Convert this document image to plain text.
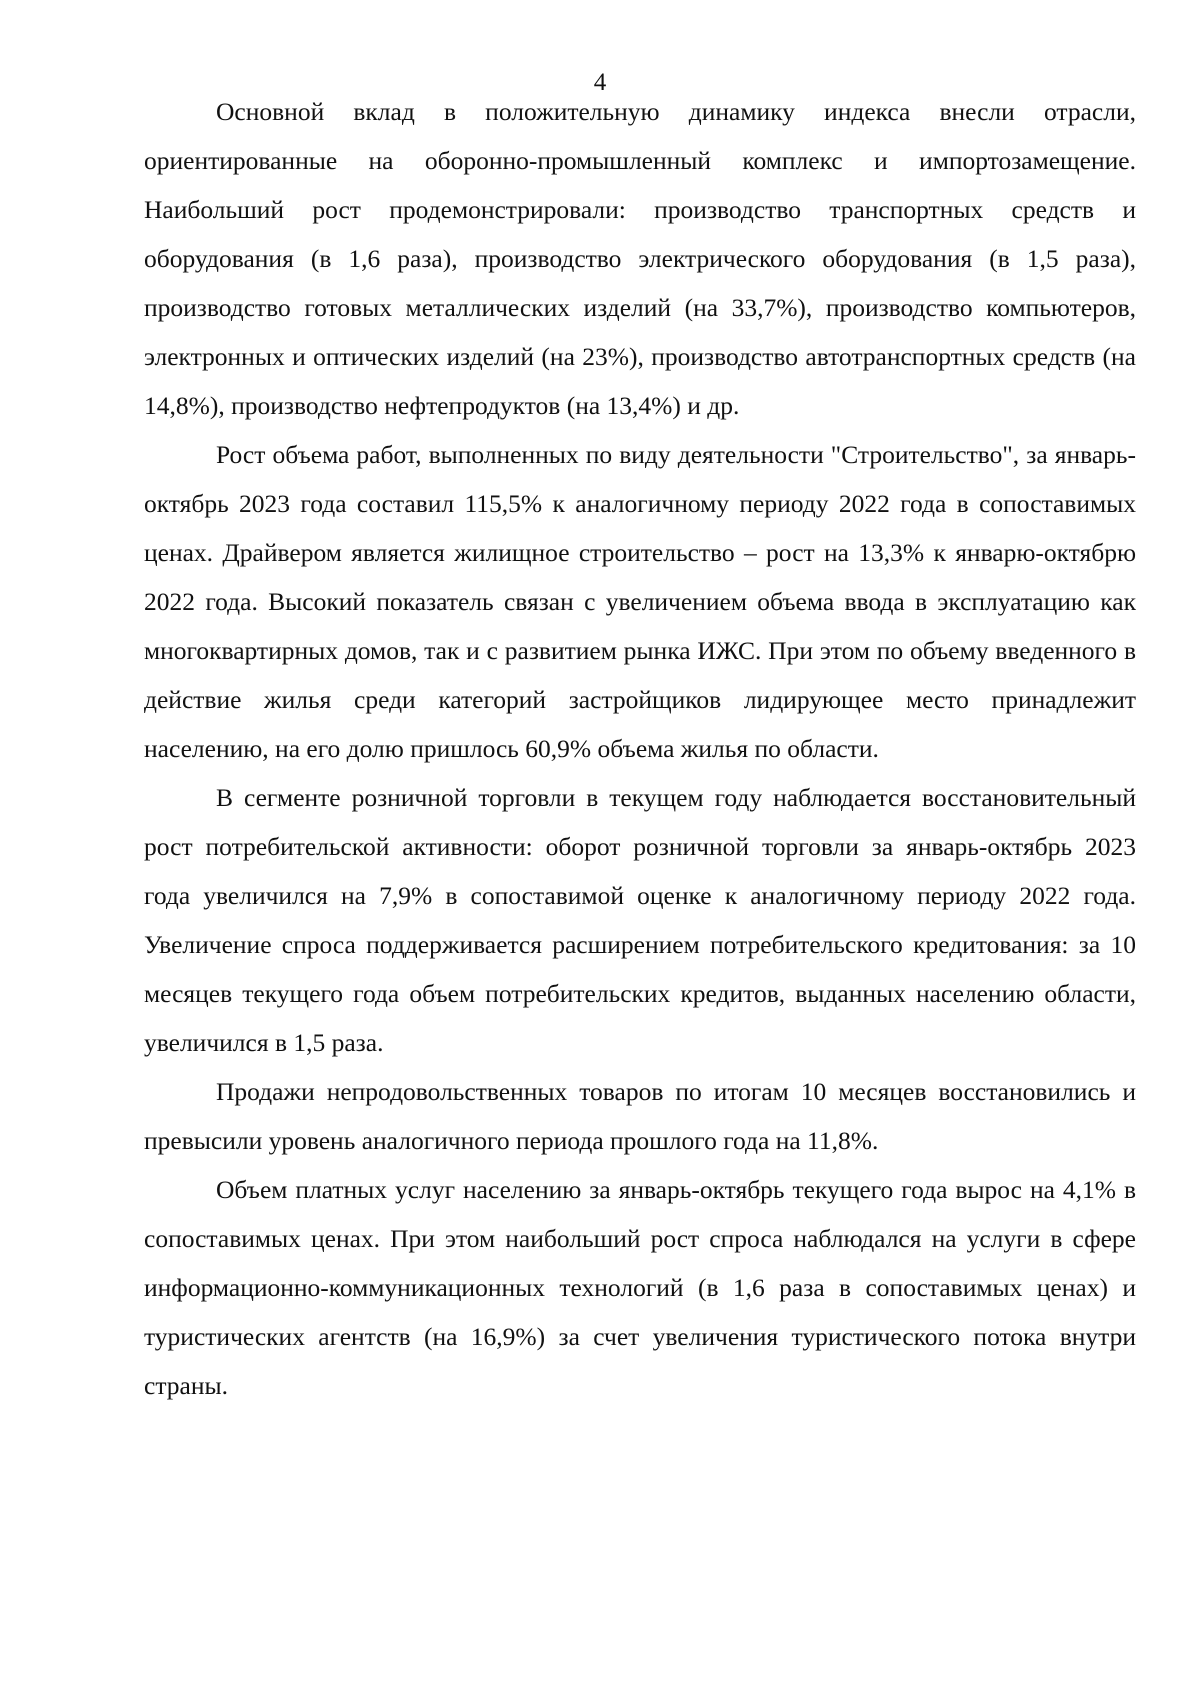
4

Основной вклад в положительную динамику индекса внесли отрасли, ориентированные на оборонно-промышленный комплекс и импортозамещение. Наибольший рост продемонстрировали: производство транспортных средств и оборудования (в 1,6 раза), производство электрического оборудования (в 1,5 раза), производство готовых металлических изделий (на 33,7%), производство компьютеров, электронных и оптических изделий (на 23%), производство автотранспортных средств (на 14,8%), производство нефтепродуктов (на 13,4%) и др.

Рост объема работ, выполненных по виду деятельности "Строительство", за январь-октябрь 2023 года составил 115,5% к аналогичному периоду 2022 года в сопоставимых ценах. Драйвером является жилищное строительство – рост на 13,3% к январю-октябрю 2022 года. Высокий показатель связан с увеличением объема ввода в эксплуатацию как многоквартирных домов, так и с развитием рынка ИЖС. При этом по объему введенного в действие жилья среди категорий застройщиков лидирующее место принадлежит населению, на его долю пришлось 60,9% объема жилья по области.

В сегменте розничной торговли в текущем году наблюдается восстановительный рост потребительской активности: оборот розничной торговли за январь-октябрь 2023 года увеличился на 7,9% в сопоставимой оценке к аналогичному периоду 2022 года. Увеличение спроса поддерживается расширением потребительского кредитования: за 10 месяцев текущего года объем потребительских кредитов, выданных населению области, увеличился в 1,5 раза.

Продажи непродовольственных товаров по итогам 10 месяцев восстановились и превысили уровень аналогичного периода прошлого года на 11,8%.

Объем платных услуг населению за январь-октябрь текущего года вырос на 4,1% в сопоставимых ценах. При этом наибольший рост спроса наблюдался на услуги в сфере информационно-коммуникационных технологий (в 1,6 раза в сопоставимых ценах) и туристических агентств (на 16,9%) за счет увеличения туристического потока внутри страны.
